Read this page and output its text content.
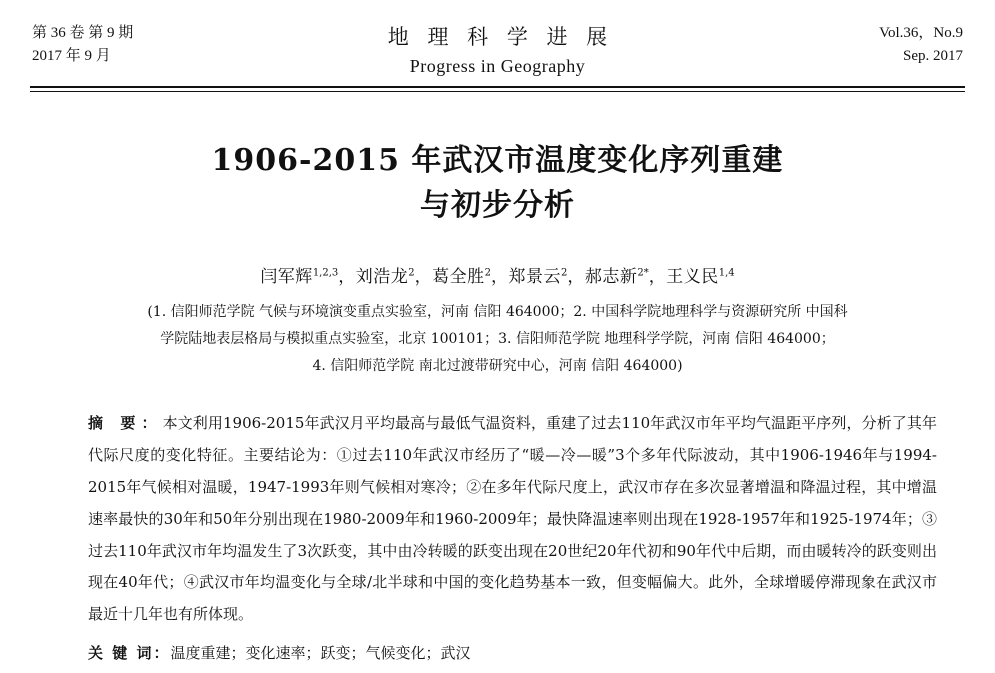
第 36 卷 第 9 期
2017 年 9 月
地 理 科 学 进 展
Progress in Geography
Vol.36，No.9
Sep. 2017
1906-2015 年武汉市温度变化序列重建
与初步分析
闫军辉$^{1,2,3}$，刘浩龙$^2$，葛全胜$^2$，郑景云$^2$，郝志新$^{2*}$，王义民$^{1,4}$
(1. 信阳师范学院 气候与环境演变重点实验室，河南 信阳 464000；2. 中国科学院地理科学与资源研究所 中国科
学院陆地表层格局与模拟重点实验室，北京 100101；3. 信阳师范学院 地理科学学院，河南 信阳 464000；
4. 信阳师范学院 南北过渡带研究中心，河南 信阳 464000)
摘 要：本文利用1906-2015年武汉月平均最高与最低气温资料，重建了过去110年武汉市年平均气温距平序列，分析了其年代际尺度的变化特征。主要结论为：①过去110年武汉市经历了“暖—冷—暖”3个多年代际波动，其中1906-1946年与1994-2015年气候相对温暖，1947-1993年则气候相对寒冷；②在多年代际尺度上，武汉市存在多次显著增温和降温过程，其中增温速率最快的30年和50年分别出现在1980-2009年和1960-2009年；最快降温速率则出现在1928-1957年和1925-1974年；③过去110年武汉市年均温发生了3次跃变，其中由冷转暖的跃变出现在20世纪20年代初和90年代中后期，而由暖转冷的跃变则出现在40年代；④武汉市年均温变化与全球/北半球和中国的变化趋势基本一致，但变幅偏大。此外，全球增暖停滞现象在武汉市最近十几年也有所体现。
关 键 词：温度重建；变化速率；跃变；气候变化；武汉
